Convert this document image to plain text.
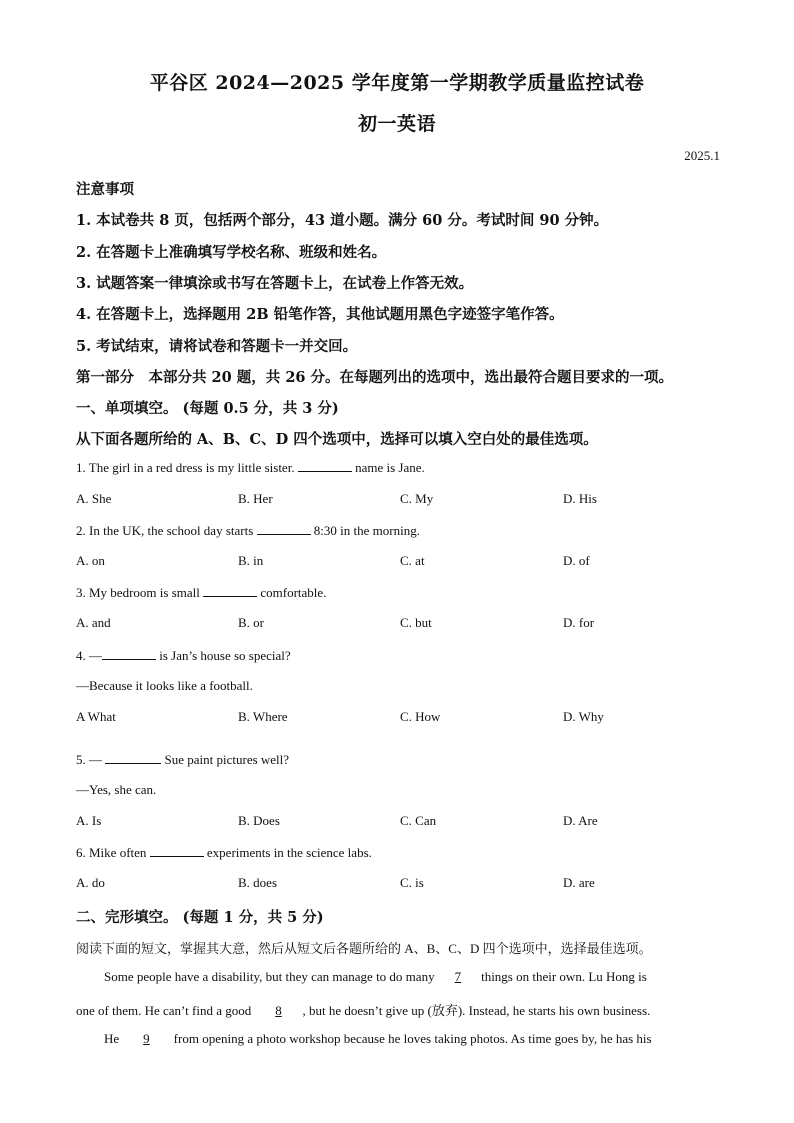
平谷区 2024—2025 学年度第一学期教学质量监控试卷
初一英语
2025.1
注意事项
1. 本试卷共 8 页，包括两个部分，43 道小题。满分 60 分。考试时间 90 分钟。
2. 在答题卡上准确填写学校名称、班级和姓名。
3. 试题答案一律填涂或书写在答题卡上，在试卷上作答无效。
4. 在答题卡上，选择题用 2B 铅笔作答，其他试题用黑色字迹签字笔作答。
5. 考试结束，请将试卷和答题卡一并交回。
第一部分　本部分共 20 题，共 26 分。在每题列出的选项中，选出最符合题目要求的一项。
一、单项填空。 (每题 0.5 分，共 3 分)
从下面各题所给的 A、B、C、D 四个选项中，选择可以填入空白处的最佳选项。
1. The girl in a red dress is my little sister.	name is Jane.
A. She	B. Her	C. My	D. His
2. In the UK, the school day starts	8:30 in the morning.
A. on	B. in	C. at	D. of
3. My bedroom is small	comfortable.
A. and	B. or	C. but	D. for
4. —	is Jan’s house so special?
—Because it looks like a football.
A What	B. Where	C. How	D. Why
5. —	Sue paint pictures well?
—Yes, she can.
A. Is	B. Does	C. Can	D. Are
6. Mike often	experiments in the science labs.
A. do	B. does	C. is	D. are
二、完形填空。 (每题 1 分，共 5 分)
阅读下面的短文，掌握其大意，然后从短文后各题所给的 A、B、C、D 四个选项中，选择最佳选项。
Some people have a disability, but they can manage to do many 7 things on their own. Lu Hong is
one of them. He can’t find a good 8 , but he doesn’t give up (放弃). Instead, he starts his own business.
He 9 from opening a photo workshop because he loves taking photos. As time goes by, he has his
